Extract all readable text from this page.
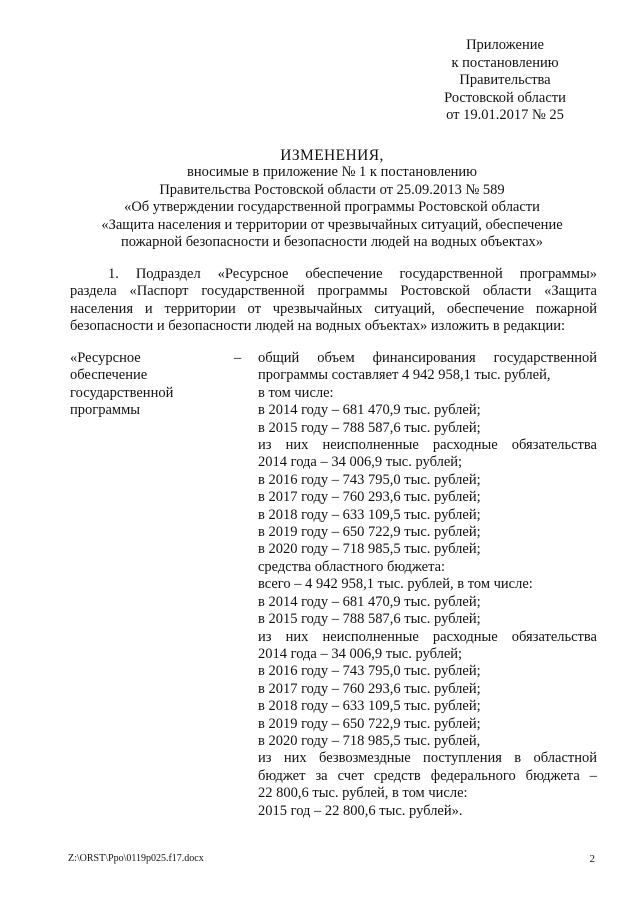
Приложение
к постановлению
Правительства
Ростовской области
от 19.01.2017 № 25
ИЗМЕНЕНИЯ,
вносимые в приложение № 1 к постановлению
Правительства Ростовской области от 25.09.2013 № 589
«Об утверждении государственной программы Ростовской области
«Защита населения и территории от чрезвычайных ситуаций, обеспечение
пожарной безопасности и безопасности людей на водных объектах»
1. Подраздел «Ресурсное обеспечение государственной программы»
раздела «Паспорт государственной программы Ростовской области «Защита
населения и территории от чрезвычайных ситуаций, обеспечение пожарной
безопасности и безопасности людей на водных объектах» изложить в редакции:
«Ресурсное
обеспечение
государственной
программы
– общий объем финансирования государственной
программы составляет 4 942 958,1 тыс. рублей,
в том числе:
в 2014 году – 681 470,9 тыс. рублей;
в 2015 году – 788 587,6 тыс. рублей;
из них неисполненные расходные обязательства
2014 года – 34 006,9 тыс. рублей;
в 2016 году – 743 795,0 тыс. рублей;
в 2017 году – 760 293,6 тыс. рублей;
в 2018 году – 633 109,5 тыс. рублей;
в 2019 году – 650 722,9 тыс. рублей;
в 2020 году – 718 985,5 тыс. рублей;
средства областного бюджета:
всего – 4 942 958,1 тыс. рублей, в том числе:
в 2014 году – 681 470,9 тыс. рублей;
в 2015 году – 788 587,6 тыс. рублей;
из них неисполненные расходные обязательства
2014 года – 34 006,9 тыс. рублей;
в 2016 году – 743 795,0 тыс. рублей;
в 2017 году – 760 293,6 тыс. рублей;
в 2018 году – 633 109,5 тыс. рублей;
в 2019 году – 650 722,9 тыс. рублей;
в 2020 году – 718 985,5 тыс. рублей,
из них безвозмездные поступления в областной
бюджет за счет средств федерального бюджета –
22 800,6 тыс. рублей, в том числе:
2015 год – 22 800,6 тыс. рублей».
Z:\ORST\Ppo\0119p025.f17.docx	2
